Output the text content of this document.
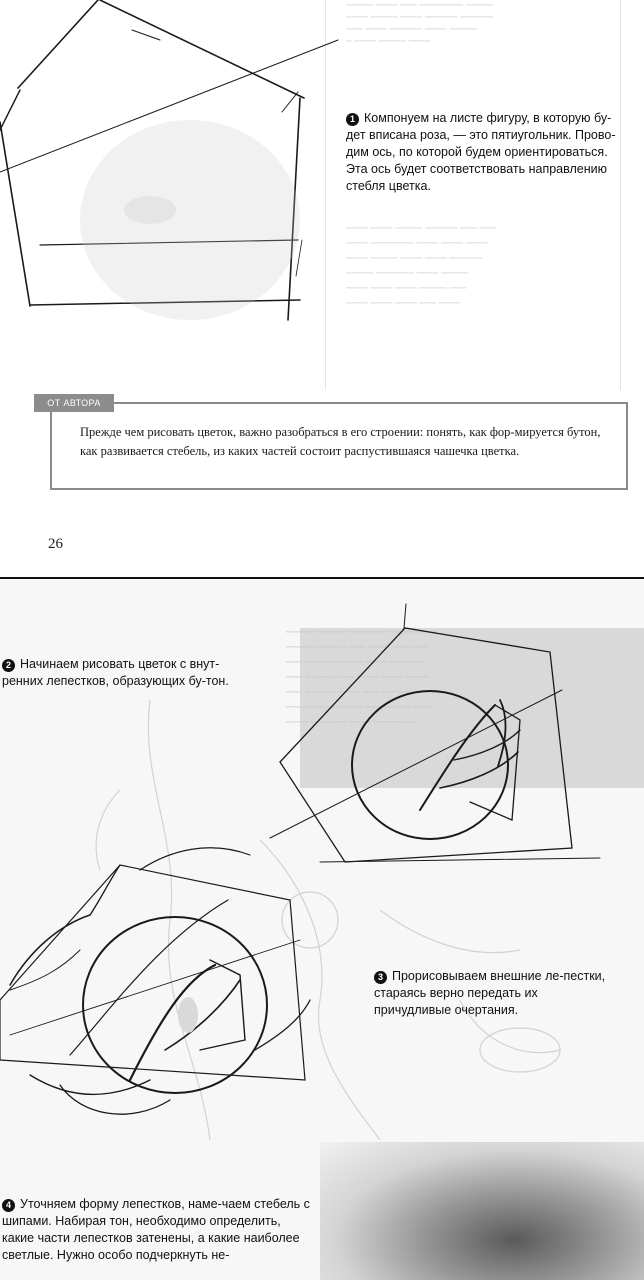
───── ──── ─── ──────── ─────
──── ───── ──── ────── ──────
─── ──── ────── ──── ─────
─ ──── ───── ────
──── ──── ───── ────── ─── ───
──── ──────── ──── ──── ────
──── ───── ──── ──── ──────
───── ─────── ──── ─────
──── ──── ──── ───── ───
──── ──── ──── ─── ────
1 Компонуем на листе фигуру, в которую бу-дет вписана роза, — это пятиугольник. Прово-дим ось, по которой будем ориентироваться. Эта ось будет соответствовать направлению стебля цветка.
ОТ АВТОРА
Прежде чем рисовать цветок, важно разобраться в его строении: понять, как фор-мируется бутон, как развивается стебель, из каких частей состоит распустившаяся чашечка цветка.
26
───── ────── ─────── ─ ───── ─
───── ──── ─ ─── ──── ─── ───
─── ─── ─ ── ─── ──── ───── ─
─── ─ ──── ─── ──── ──── ────
─── ─ ──── ──── ─── ───── ──
───── ──── ──── ─── ───── ───
──── ─── ─── ──── ───── ──
2 Начинаем рисовать цветок с внут-ренних лепестков, образующих бу-тон.
3 Прорисовываем внешние ле-пестки, стараясь верно передать их причудливые очертания.
4 Уточняем форму лепестков, наме-чаем стебель с шипами. Набирая тон, необходимо определить, какие части лепестков затенены, а какие наиболее светлые. Нужно особо подчеркнуть не-
